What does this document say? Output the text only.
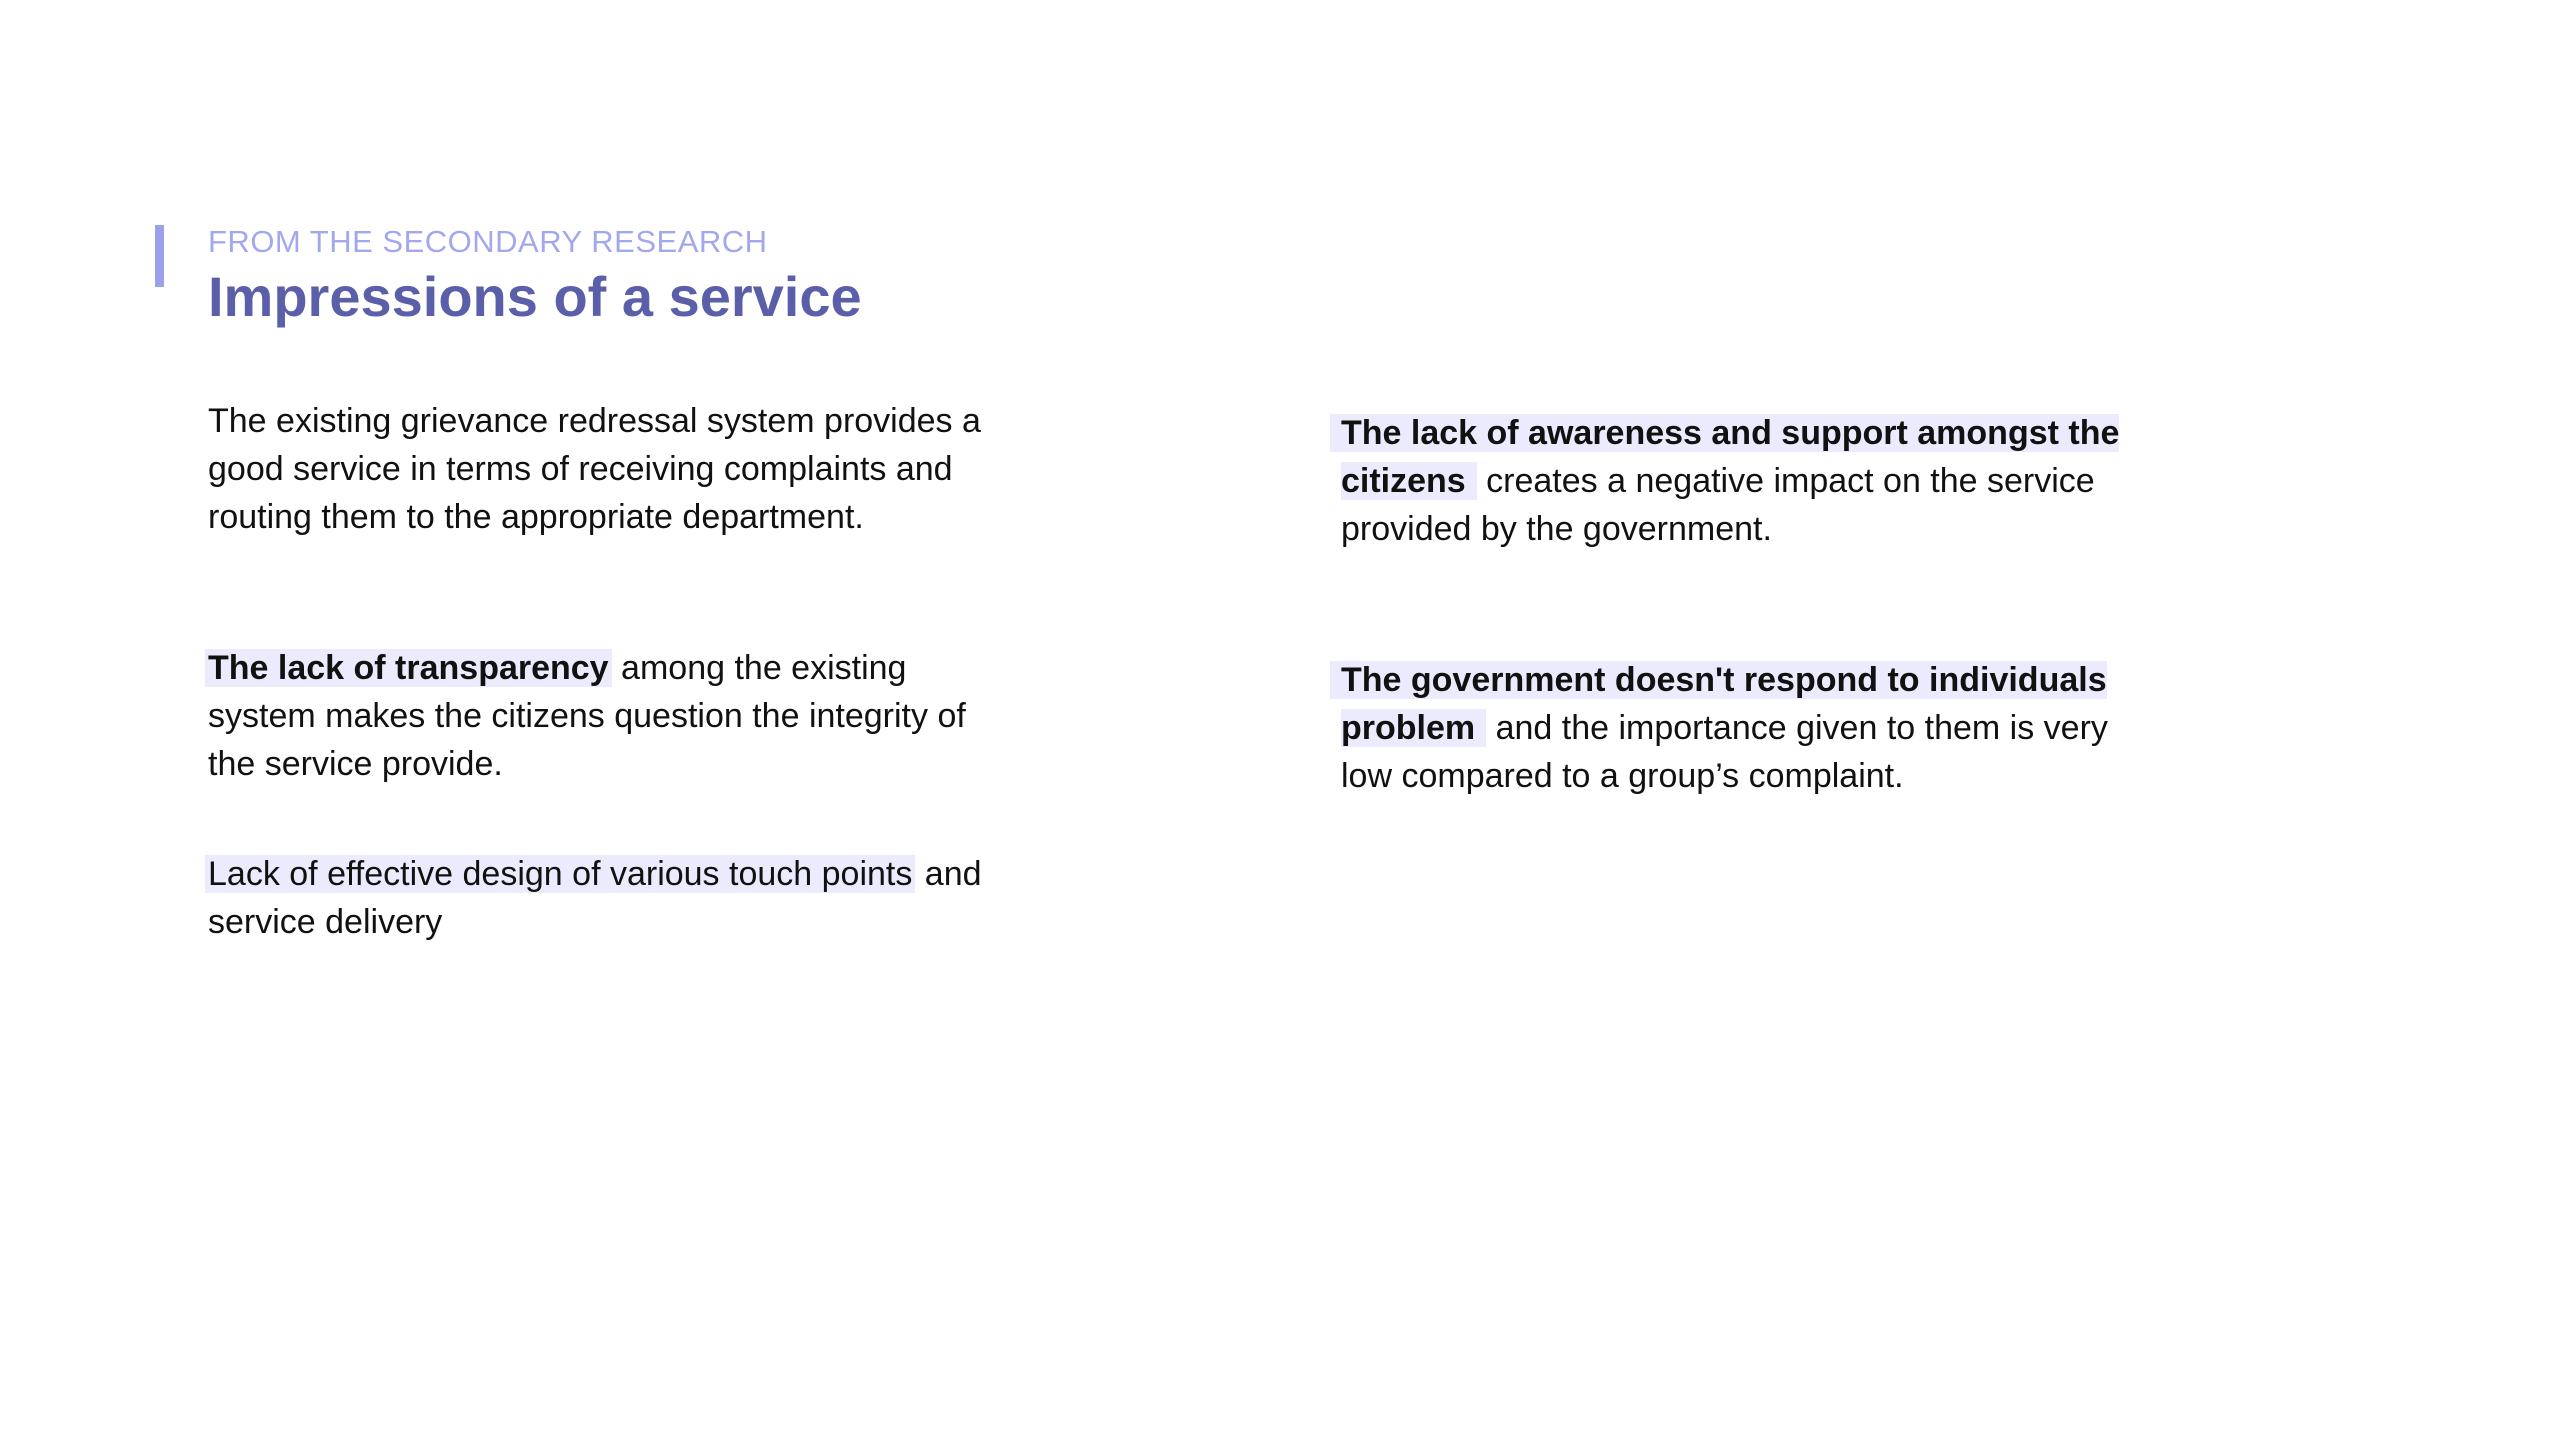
FROM THE SECONDARY RESEARCH
Impressions of a service
The existing grievance redressal system provides a good service in terms of receiving complaints and routing them to the appropriate department.
The lack of transparency among the existing system makes the citizens question the integrity of the service provide.
Lack of effective design of various touch points and service delivery
The lack of awareness and support amongst the citizens creates a negative impact on the service provided by the government.
The government doesn't respond to individuals problem and the importance given to them is very low compared to a group’s complaint.
